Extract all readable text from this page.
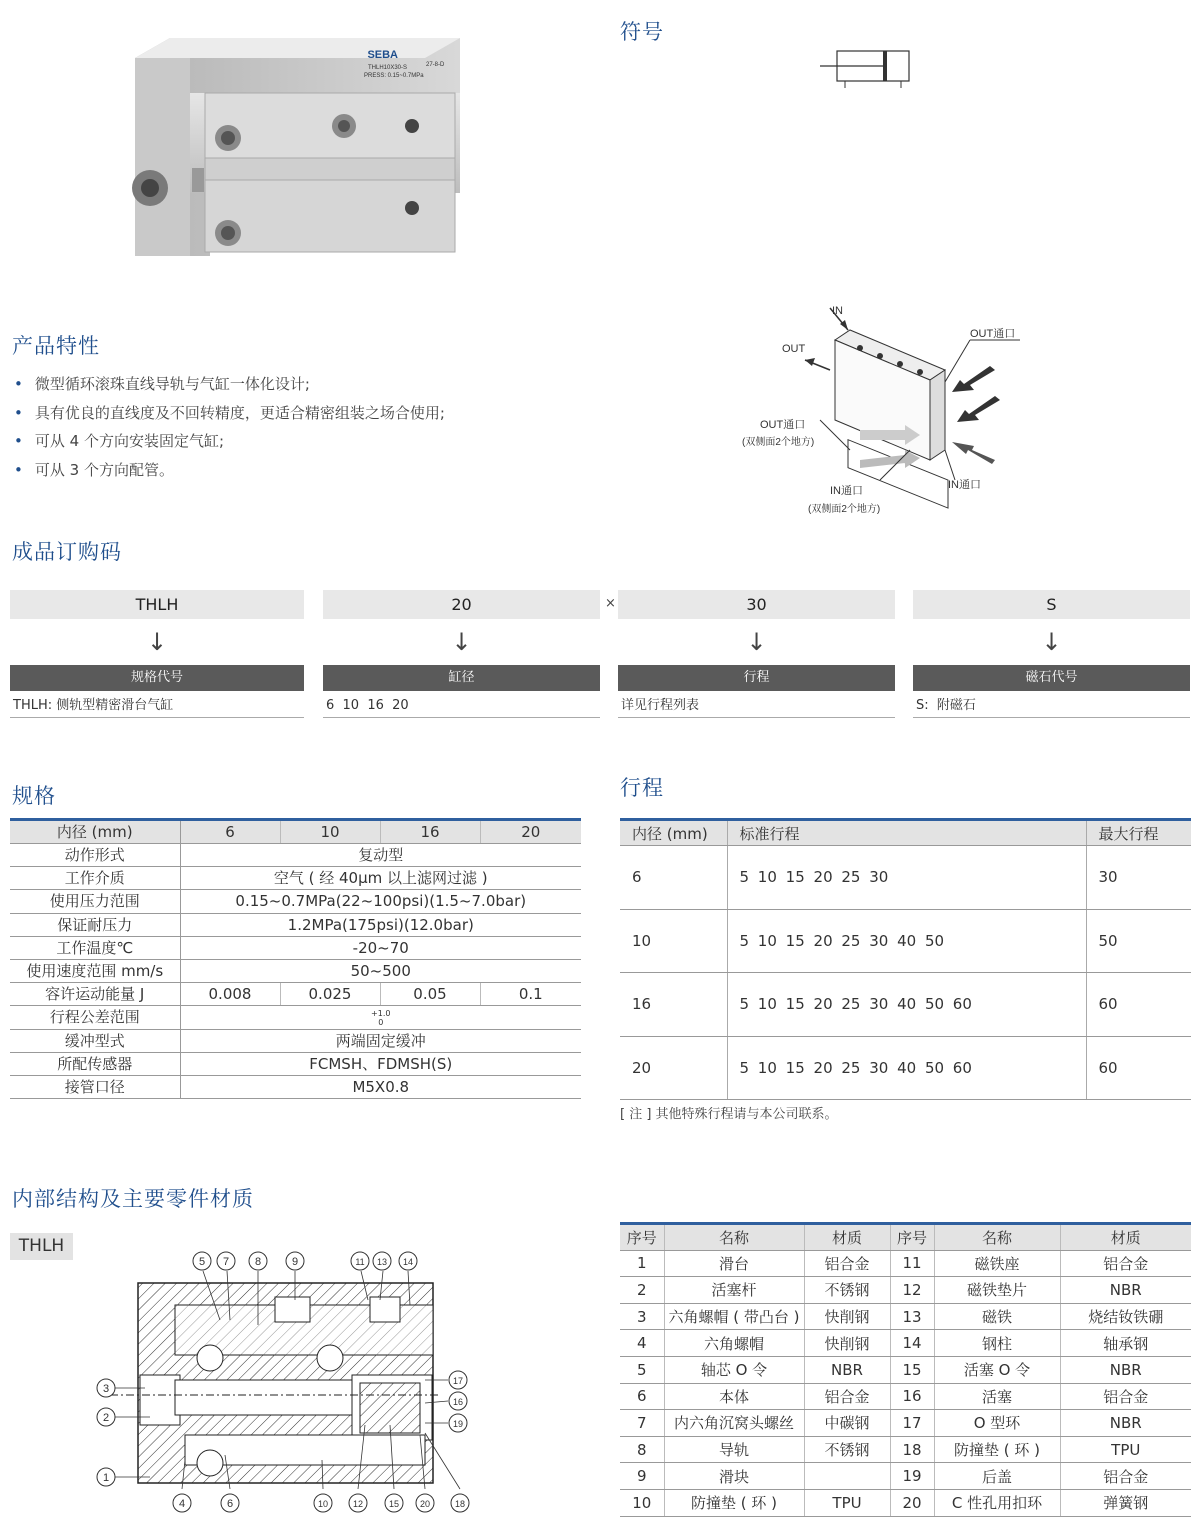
SEBA
THLH10X30-S	27-8-D
PRESS: 0.15~0.7MPa
符号
产品特性
• 微型循环滚珠直线导轨与气缸一体化设计;
• 具有优良的直线度及不回转精度，更适合精密组装之场合使用;
• 可从 4 个方向安装固定气缸;
• 可从 3 个方向配管。
IN
OUT
OUT通口
OUT通口
(双侧面2个地方)
IN通口
(双侧面2个地方)
IN通口
成品订购码
THLH	20	×	30	S
↓	↓	↓	↓
规格代号	缸径	行程	磁石代号
THLH: 侧轨型精密滑台气缸	6  10  16  20	详见行程列表	S:  附磁石
规格
内径 (mm)	6	10	16	20
动作形式	复动型			
工作介质	空气 ( 经 40μm 以上滤网过滤 )			
使用压力范围	0.15~0.7MPa(22~100psi)(1.5~7.0bar)			
保证耐压力	1.2MPa(175psi)(12.0bar)			
工作温度℃	-20~70			
使用速度范围 mm/s	50~500			
容许运动能量 J	0.008	0.025	0.05	0.1
行程公差范围	+1.0
0			

缓冲型式	两端固定缓冲			
所配传感器	FCMSH、FDMSH(S)			
接管口径	M5X0.8			
行程
内径 (mm)	标准行程	最大行程
6	5 10 15 20 25 30	30
10	5 10 15 20 25 30 40 50	50
16	5 10 15 20 25 30 40 50 60	60
20	5 10 15 20 25 30 40 50 60	60
[ 注 ] 其他特殊行程请与本公司联系。
内部结构及主要零件材质
THLH
5 7 8	9	11 13 14
3
2
1
4	6	10	12	15 20	18
17
16
19
序号	名称	材质	序号	名称	材质
1	滑台	铝合金	11	磁铁座	铝合金
2	活塞杆	不锈钢	12	磁铁垫片	NBR
3	六角螺帽 ( 带凸台 )	快削钢	13	磁铁	烧结钕铁硼
4	六角螺帽	快削钢	14	钢柱	轴承钢
5	轴芯 O 令	NBR	15	活塞 O 令	NBR
6	本体	铝合金	16	活塞	铝合金
7	内六角沉窝头螺丝	中碳钢	17	O 型环	NBR
8	导轨	不锈钢	18	防撞垫 ( 环 )	TPU
9	滑块		19	后盖	铝合金
10	防撞垫 ( 环 )	TPU	20	C 性孔用扣环	弹簧钢
